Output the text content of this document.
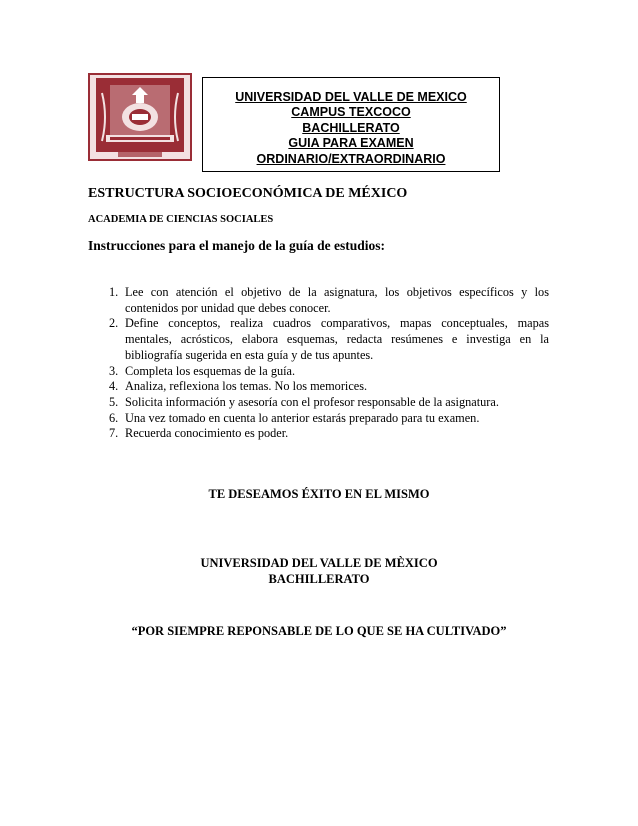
UNIVERSIDAD DEL VALLE DE MEXICO
CAMPUS TEXCOCO
BACHILLERATO
GUIA PARA EXAMEN
ORDINARIO/EXTRAORDINARIO
ESTRUCTURA SOCIOECONÓMICA DE MÉXICO
ACADEMIA DE CIENCIAS SOCIALES
Instrucciones para el manejo de la guía de estudios:
1. Lee con atención el objetivo de la asignatura, los objetivos específicos y los contenidos por unidad que debes conocer.
2. Define conceptos, realiza cuadros comparativos, mapas conceptuales, mapas mentales, acrósticos, elabora esquemas, redacta resúmenes e investiga en la bibliografía sugerida en esta guía y de tus apuntes.
3. Completa los esquemas de la guía.
4. Analiza, reflexiona los temas. No los memorices.
5. Solicita información y asesoría con el profesor responsable de la asignatura.
6. Una vez tomado en cuenta lo anterior estarás preparado para tu examen.
7. Recuerda conocimiento es poder.
TE DESEAMOS ÉXITO EN EL MISMO
UNIVERSIDAD DEL VALLE DE MÈXICO
BACHILLERATO
“POR SIEMPRE REPONSABLE DE LO QUE SE HA CULTIVADO”
